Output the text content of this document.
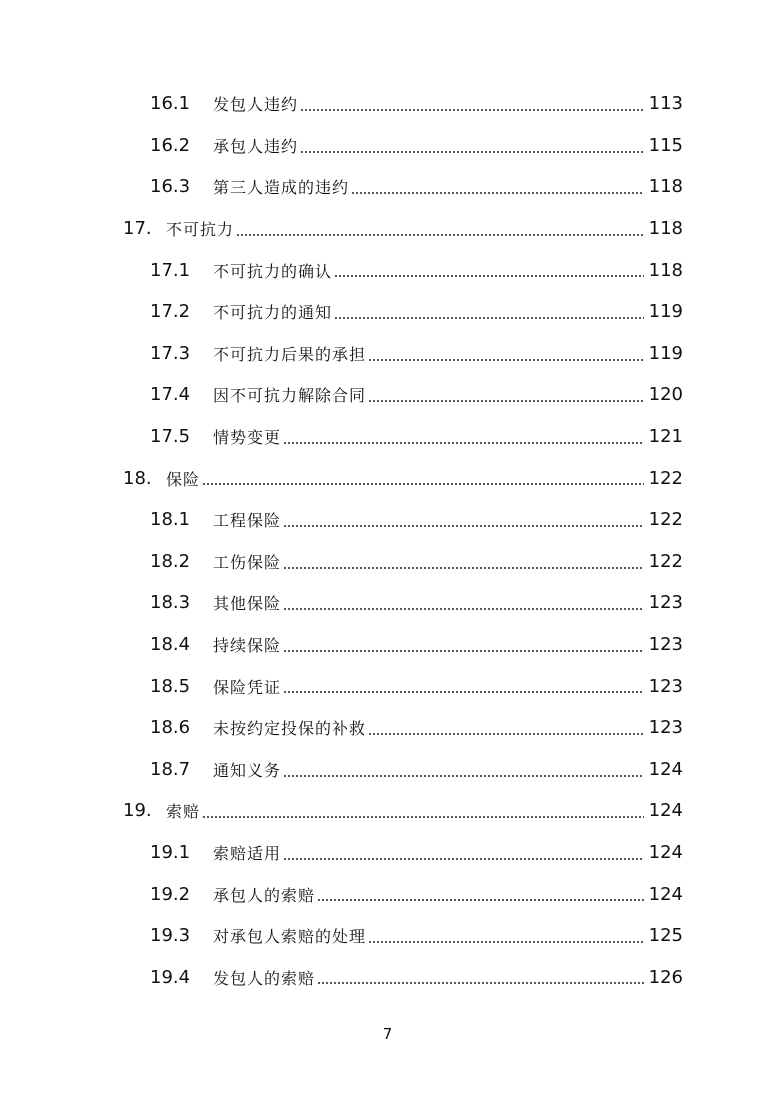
16.1 发包人违约	113
16.2 承包人违约	115
16.3 第三人造成的违约	118
17. 不可抗力	118
17.1 不可抗力的确认	118
17.2 不可抗力的通知	119
17.3 不可抗力后果的承担	119
17.4 因不可抗力解除合同	120
17.5 情势变更	121
18. 保险	122
18.1 工程保险	122
18.2 工伤保险	122
18.3 其他保险	123
18.4 持续保险	123
18.5 保险凭证	123
18.6 未按约定投保的补救	123
18.7 通知义务	124
19. 索赔	124
19.1 索赔适用	124
19.2 承包人的索赔	124
19.3 对承包人索赔的处理	125
19.4 发包人的索赔	126
7
